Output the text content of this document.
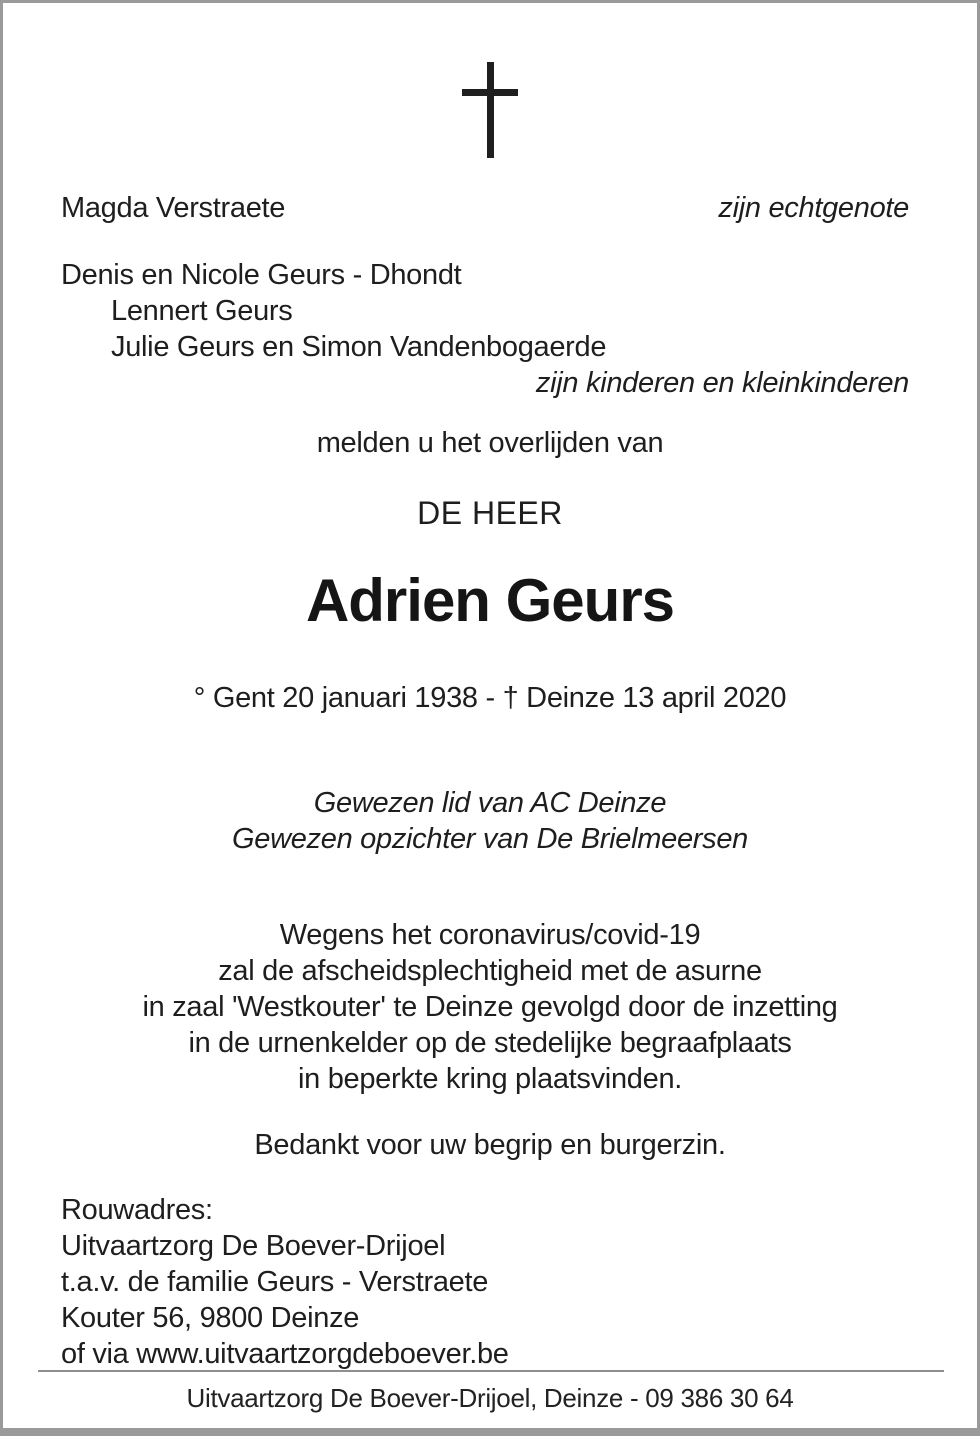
Magda Verstraete	zijn echtgenote
Denis en Nicole Geurs - Dhondt
Lennert Geurs
Julie Geurs en Simon Vandenbogaerde
zijn kinderen en kleinkinderen
melden u het overlijden van
DE HEER
Adrien Geurs
° Gent 20 januari 1938 - † Deinze 13 april 2020
Gewezen lid van AC Deinze
Gewezen opzichter van De Brielmeersen
Wegens het coronavirus/covid-19
zal de afscheidsplechtigheid met de asurne
in zaal 'Westkouter' te Deinze gevolgd door de inzetting
in de urnenkelder op de stedelijke begraafplaats
in beperkte kring plaatsvinden.
Bedankt voor uw begrip en burgerzin.
Rouwadres:
Uitvaartzorg De Boever-Drijoel
t.a.v. de familie Geurs - Verstraete
Kouter 56, 9800 Deinze
of via www.uitvaartzorgdeboever.be
Uitvaartzorg De Boever-Drijoel, Deinze - 09 386 30 64
